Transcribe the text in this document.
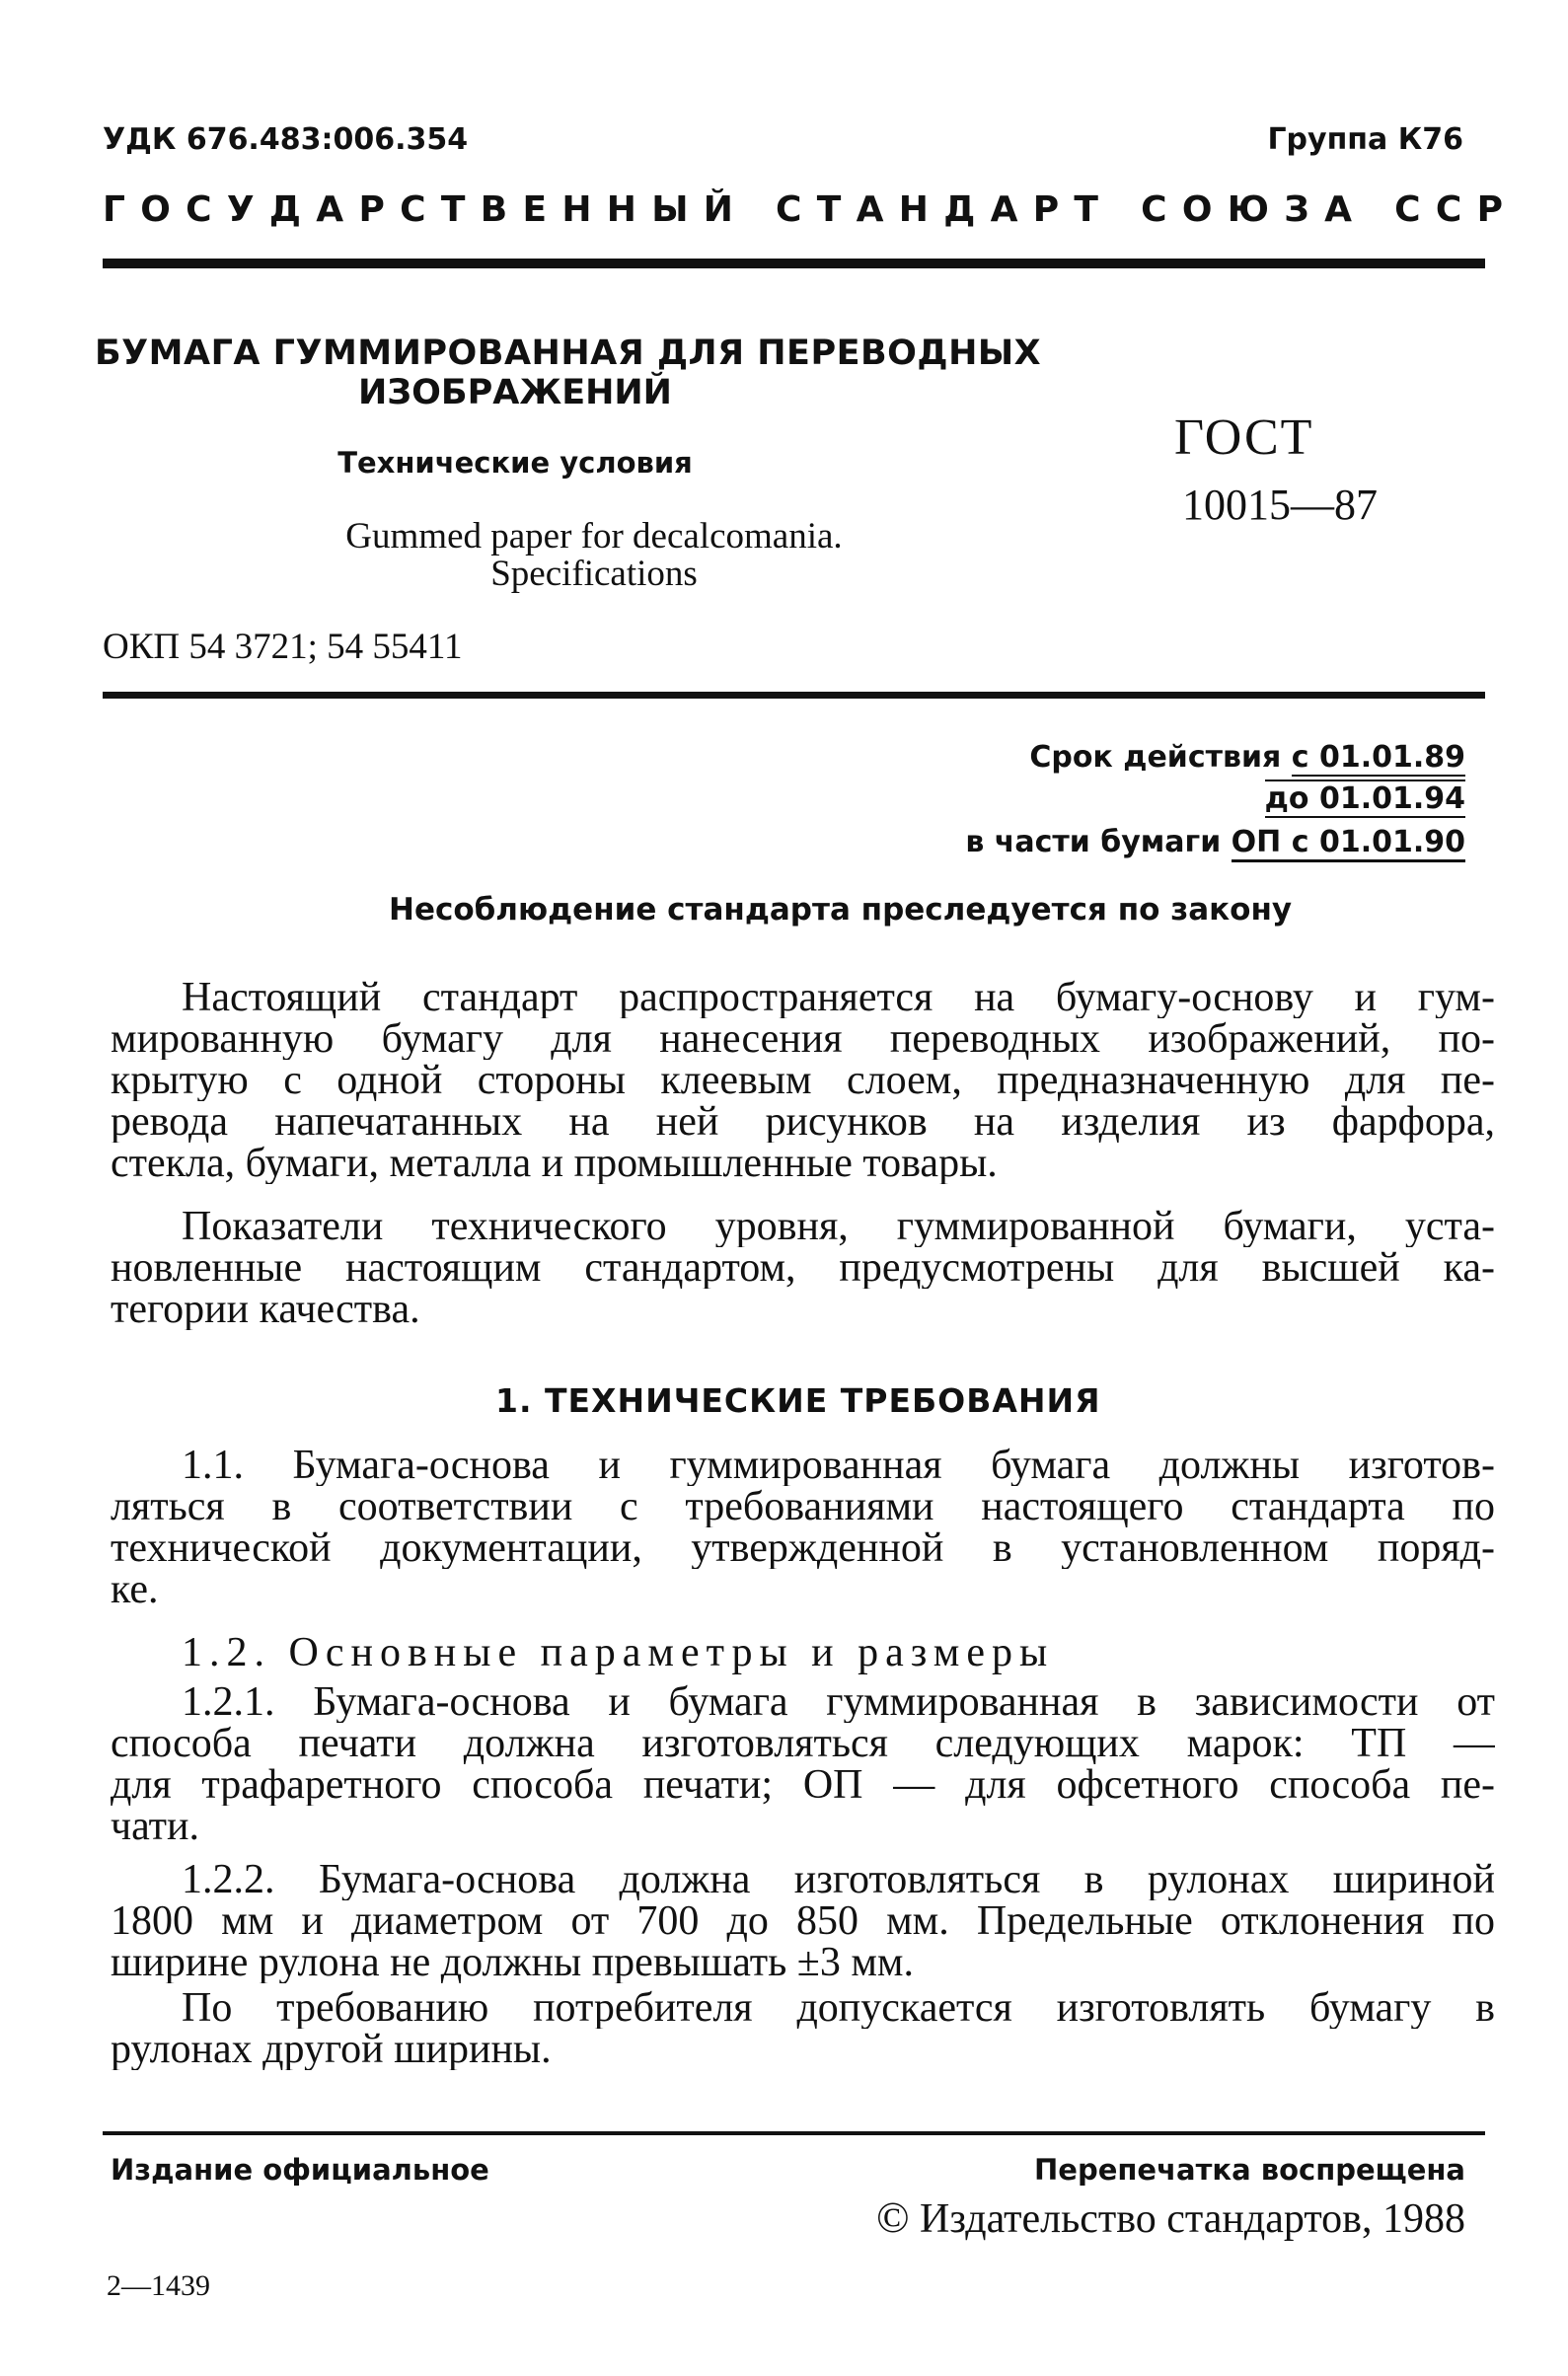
УДК 676.483:006.354	Группа К76
ГОСУДАРСТВЕННЫЙ СТАНДАРТ СОЮЗА ССР
БУМАГА ГУММИРОВАННАЯ ДЛЯ ПЕРЕВОДНЫХ
ИЗОБРАЖЕНИЙ
Технические условия
Gummed paper for decalcomania.
Specifications
ОКП 54 3721; 54 55411
ГОСТ
10015—87
Срок действия с 01.01.89
до 01.01.94
в части бумаги ОП с 01.01.90
Несоблюдение стандарта преследуется по закону
Настоящий стандарт распространяется на бумагу-основу и гум-
мированную бумагу для нанесения переводных изображений, по-
крытую с одной стороны клеевым слоем, предназначенную для пе-
ревода напечатанных на ней рисунков на изделия из фарфора,
стекла, бумаги, металла и промышленные товары.
Показатели технического уровня, гуммированной бумаги, уста-
новленные настоящим стандартом, предусмотрены для высшей ка-
тегории качества.
1. ТЕХНИЧЕСКИЕ ТРЕБОВАНИЯ
1.1. Бумага-основа и гуммированная бумага должны изготов-
ляться в соответствии с требованиями настоящего стандарта по
технической документации, утвержденной в установленном поряд-
ке.
1.2. Основные параметры и размеры
1.2.1. Бумага-основа и бумага гуммированная в зависимости от
способа печати должна изготовляться следующих марок: ТП —
для трафаретного способа печати; ОП — для офсетного способа пе-
чати.
1.2.2. Бумага-основа должна изготовляться в рулонах шириной
1800 мм и диаметром от 700 до 850 мм. Предельные отклонения по
ширине рулона не должны превышать ±3 мм.
По требованию потребителя допускается изготовлять бумагу в
рулонах другой ширины.
Издание официальное	Перепечатка воспрещена
© Издательство стандартов, 1988
2—1439
